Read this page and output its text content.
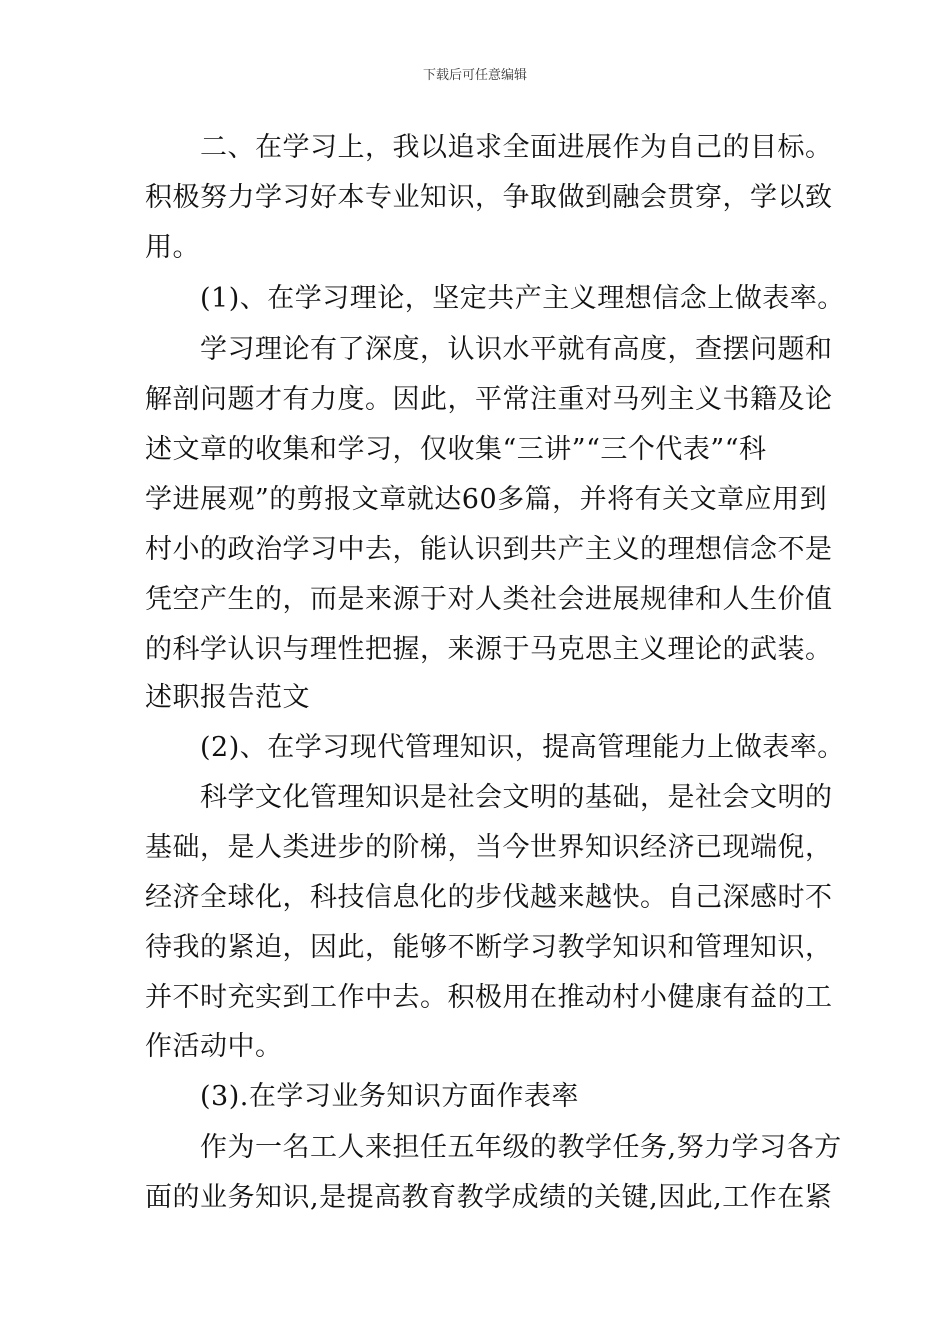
下载后可任意编辑
　　二、在学习上，我以追求全面进展作为自己的目标。
积极努力学习好本专业知识，争取做到融会贯穿，学以致
用。
　　(1)、在学习理论，坚定共产主义理想信念上做表率。
　　学习理论有了深度，认识水平就有高度，查摆问题和
解剖问题才有力度。因此，平常注重对马列主义书籍及论
述文章的收集和学习，仅收集“三讲”“三个代表”“科
学进展观”的剪报文章就达60多篇，并将有关文章应用到
村小的政治学习中去，能认识到共产主义的理想信念不是
凭空产生的，而是来源于对人类社会进展规律和人生价值
的科学认识与理性把握，来源于马克思主义理论的武装。
述职报告范文
　　(2)、在学习现代管理知识，提高管理能力上做表率。
　　科学文化管理知识是社会文明的基础，是社会文明的
基础，是人类进步的阶梯，当今世界知识经济已现端倪，
经济全球化，科技信息化的步伐越来越快。自己深感时不
待我的紧迫，因此，能够不断学习教学知识和管理知识，
并不时充实到工作中去。积极用在推动村小健康有益的工
作活动中。
　　(3).在学习业务知识方面作表率
　　作为一名工人来担任五年级的教学任务,努力学习各方
面的业务知识,是提高教育教学成绩的关键,因此,工作在紧
